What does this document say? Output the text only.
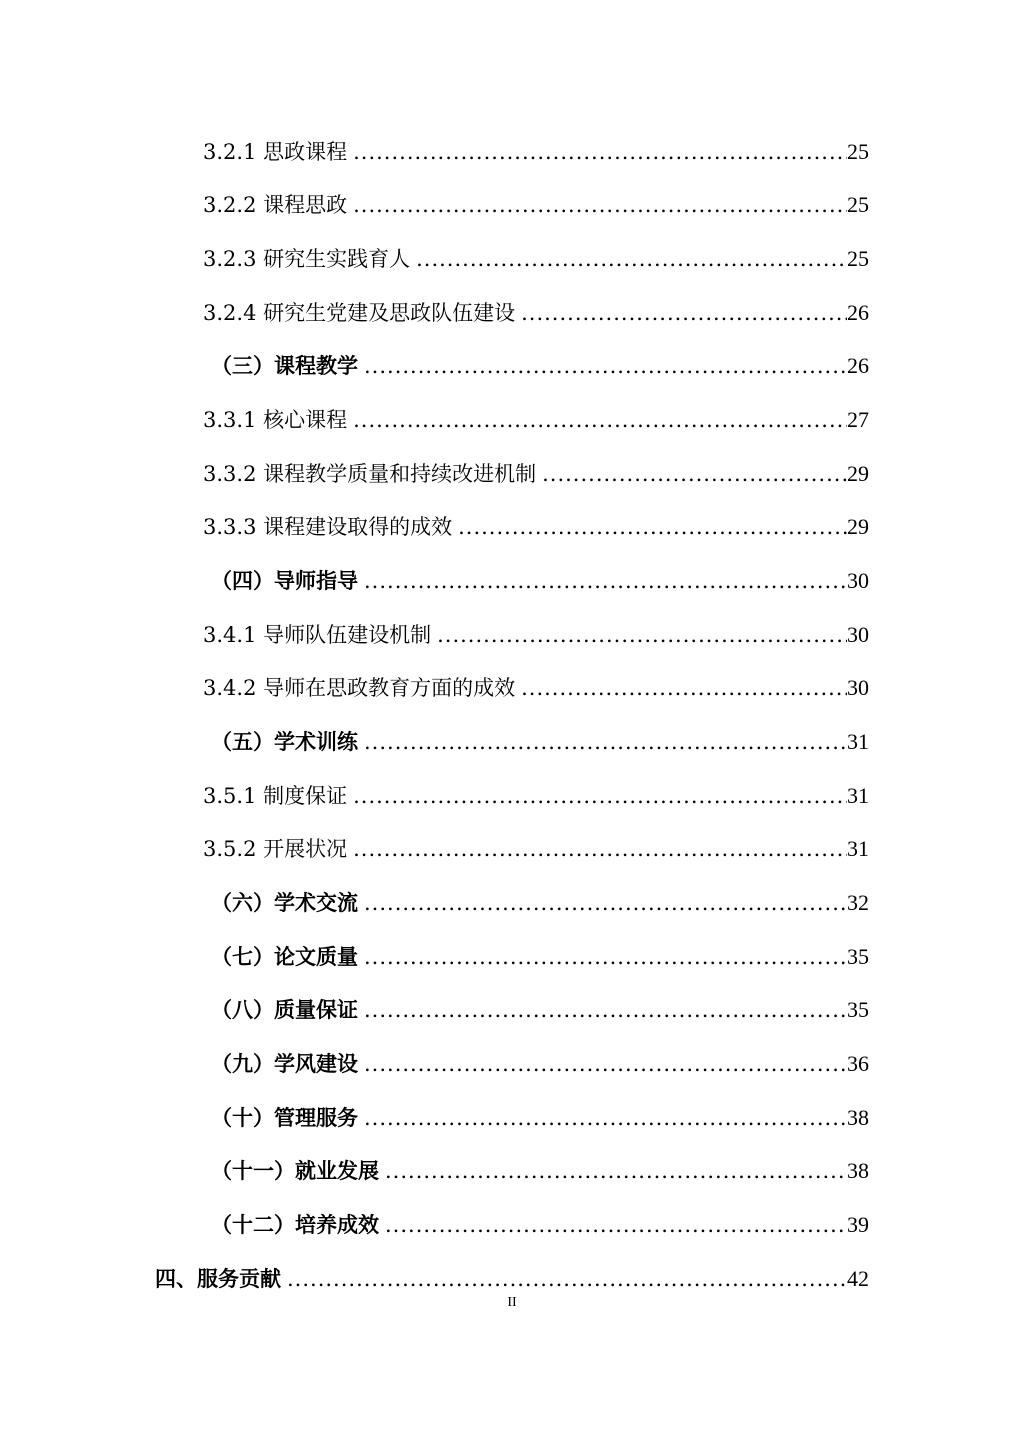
3.2.1 思政课程 .....	25
3.2.2 课程思政 .....	25
3.2.3 研究生实践育人 .....	25
3.2.4 研究生党建及思政队伍建设 .....	26
（三）课程教学 .....	26
3.3.1 核心课程 .....	27
3.3.2 课程教学质量和持续改进机制 .....	29
3.3.3 课程建设取得的成效 .....	29
（四）导师指导 .....	30
3.4.1 导师队伍建设机制 .....	30
3.4.2 导师在思政教育方面的成效 .....	30
（五）学术训练 .....	31
3.5.1 制度保证 .....	31
3.5.2 开展状况 .....	31
（六）学术交流 .....	32
（七）论文质量 .....	35
（八）质量保证 .....	35
（九）学风建设 .....	36
（十）管理服务 .....	38
（十一）就业发展 .....	38
（十二）培养成效 .....	39
四、服务贡献 .....	42
II
